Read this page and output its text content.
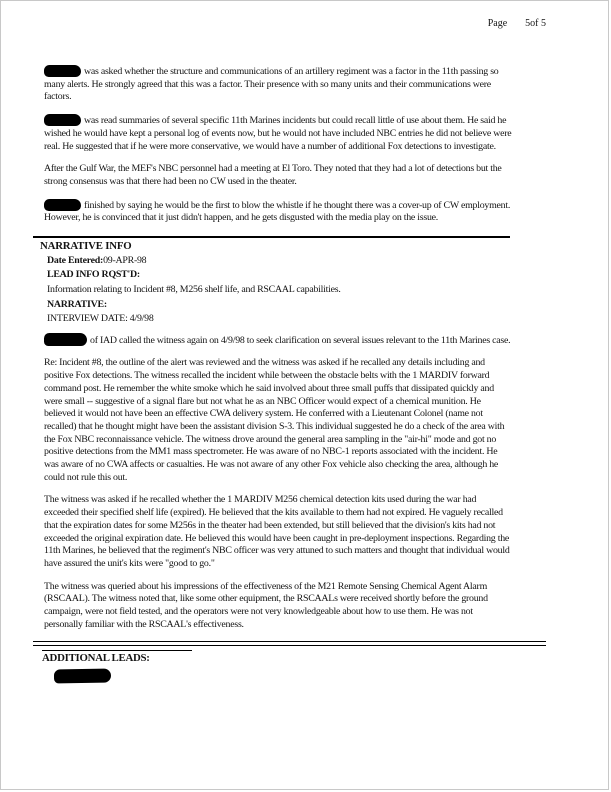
Page 5of 5

was asked whether the structure and communications of an artillery regiment was a factor in the 11th passing so many alerts. He strongly agreed that this was a factor. Their presence with so many units and their communications were factors.

was read summaries of several specific 11th Marines incidents but could recall little of use about them. He said he wished he would have kept a personal log of events now, but he would not have included NBC entries he did not believe were real. He suggested that if he were more conservative, we would have a number of additional Fox detections to investigate.

After the Gulf War, the MEF's NBC personnel had a meeting at El Toro. They noted that they had a lot of detections but the strong consensus was that there had been no CW used in the theater.

finished by saying he would be the first to blow the whistle if he thought there was a cover-up of CW employment. However, he is convinced that it just didn't happen, and he gets disgusted with the media play on the issue.

NARRATIVE INFO
Date Entered:09-APR-98
LEAD INFO RQST'D:
Information relating to Incident #8, M256 shelf life, and RSCAAL capabilities.
NARRATIVE:
INTERVIEW DATE: 4/9/98

of IAD called the witness again on 4/9/98 to seek clarification on several issues relevant to the 11th Marines case.

Re: Incident #8, the outline of the alert was reviewed and the witness was asked if he recalled any details including and positive Fox detections. The witness recalled the incident while between the obstacle belts with the 1 MARDIV forward command post. He remember the white smoke which he said involved about three small puffs that dissipated quickly and were small -- suggestive of a signal flare but not what he as an NBC Officer would expect of a chemical munition. He believed it would not have been an effective CWA delivery system. He conferred with a Lieutenant Colonel (name not recalled) that he thought might have been the assistant division S-3. This individual suggested he do a check of the area with the Fox NBC reconnaissance vehicle. The witness drove around the general area sampling in the "air-hi" mode and got no positive detections from the MM1 mass spectrometer. He was aware of no NBC-1 reports associated with the incident. He was aware of no CWA affects or casualties. He was not aware of any other Fox vehicle also checking the area, although he could not rule this out.

The witness was asked if he recalled whether the 1 MARDIV M256 chemical detection kits used during the war had exceeded their specified shelf life (expired). He believed that the kits available to them had not expired. He vaguely recalled that the expiration dates for some M256s in the theater had been extended, but still believed that the division's kits had not exceeded the original expiration date. He believed this would have been caught in pre-deployment inspections. Regarding the 11th Marines, he believed that the regiment's NBC officer was very attuned to such matters and thought that individual would have assured the unit's kits were "good to go."

The witness was queried about his impressions of the effectiveness of the M21 Remote Sensing Chemical Agent Alarm (RSCAAL). The witness noted that, like some other equipment, the RSCAALs were received shortly before the ground campaign, were not field tested, and the operators were not very knowledgeable about how to use them. He was not personally familiar with the RSCAAL's effectiveness.

ADDITIONAL LEADS:
